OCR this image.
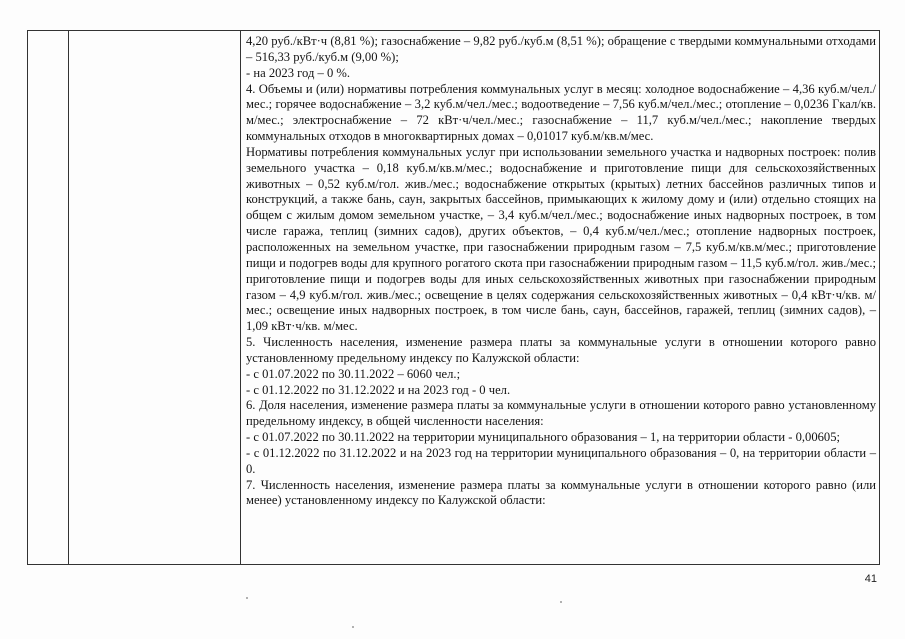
4,20 руб./кВт·ч (8,81 %); газоснабжение – 9,82 руб./куб.м (8,51 %); обращение с твердыми коммунальными отходами – 516,33 руб./куб.м (9,00 %);

- на 2023 год – 0 %.

4. Объемы и (или) нормативы потребления коммунальных услуг в месяц: холодное водоснабжение – 4,36 куб.м/чел./мес.; горячее водоснабжение – 3,2 куб.м/чел./мес.; водоотведение – 7,56 куб.м/чел./мес.; отопление – 0,0236 Гкал/кв. м/мес.; электроснабжение – 72 кВт·ч/чел./мес.; газоснабжение – 11,7 куб.м/чел./мес.; накопление твердых коммунальных отходов в многоквартирных домах – 0,01017 куб.м/кв.м/мес.

Нормативы потребления коммунальных услуг при использовании земельного участка и надворных построек: полив земельного участка – 0,18 куб.м/кв.м/мес.; водоснабжение и приготовление пищи для сельскохозяйственных животных – 0,52 куб.м/гол. жив./мес.; водоснабжение открытых (крытых) летних бассейнов различных типов и конструкций, а также бань, саун, закрытых бассейнов, примыкающих к жилому дому и (или) отдельно стоящих на общем с жилым домом земельном участке, – 3,4 куб.м/чел./мес.; водоснабжение иных надворных построек, в том числе гаража, теплиц (зимних садов), других объектов, – 0,4 куб.м/чел./мес.; отопление надворных построек, расположенных на земельном участке, при газоснабжении природным газом – 7,5 куб.м/кв.м/мес.; приготовление пищи и подогрев воды для крупного рогатого скота при газоснабжении природным газом – 11,5 куб.м/гол. жив./мес.; приготовление пищи и подогрев воды для иных сельскохозяйственных животных при газоснабжении природным газом – 4,9 куб.м/гол. жив./мес.; освещение в целях содержания сельскохозяйственных животных – 0,4 кВт·ч/кв. м/мес.; освещение иных надворных построек, в том числе бань, саун, бассейнов, гаражей, теплиц (зимних садов), – 1,09 кВт·ч/кв. м/мес.

5. Численность населения, изменение размера платы за коммунальные услуги в отношении которого равно установленному предельному индексу по Калужской области:

- с 01.07.2022 по 30.11.2022 – 6060 чел.;

- с 01.12.2022 по 31.12.2022 и на 2023 год - 0 чел.

6. Доля населения, изменение размера платы за коммунальные услуги в отношении которого равно установленному предельному индексу, в общей численности населения:

- с 01.07.2022 по 30.11.2022 на территории муниципального образования – 1, на территории области - 0,00605;

- с 01.12.2022 по 31.12.2022 и на 2023 год на территории муниципального образования – 0, на территории области – 0.

7. Численность населения, изменение размера платы за коммунальные услуги в отношении которого равно (или менее) установленному индексу по Калужской области:

41
